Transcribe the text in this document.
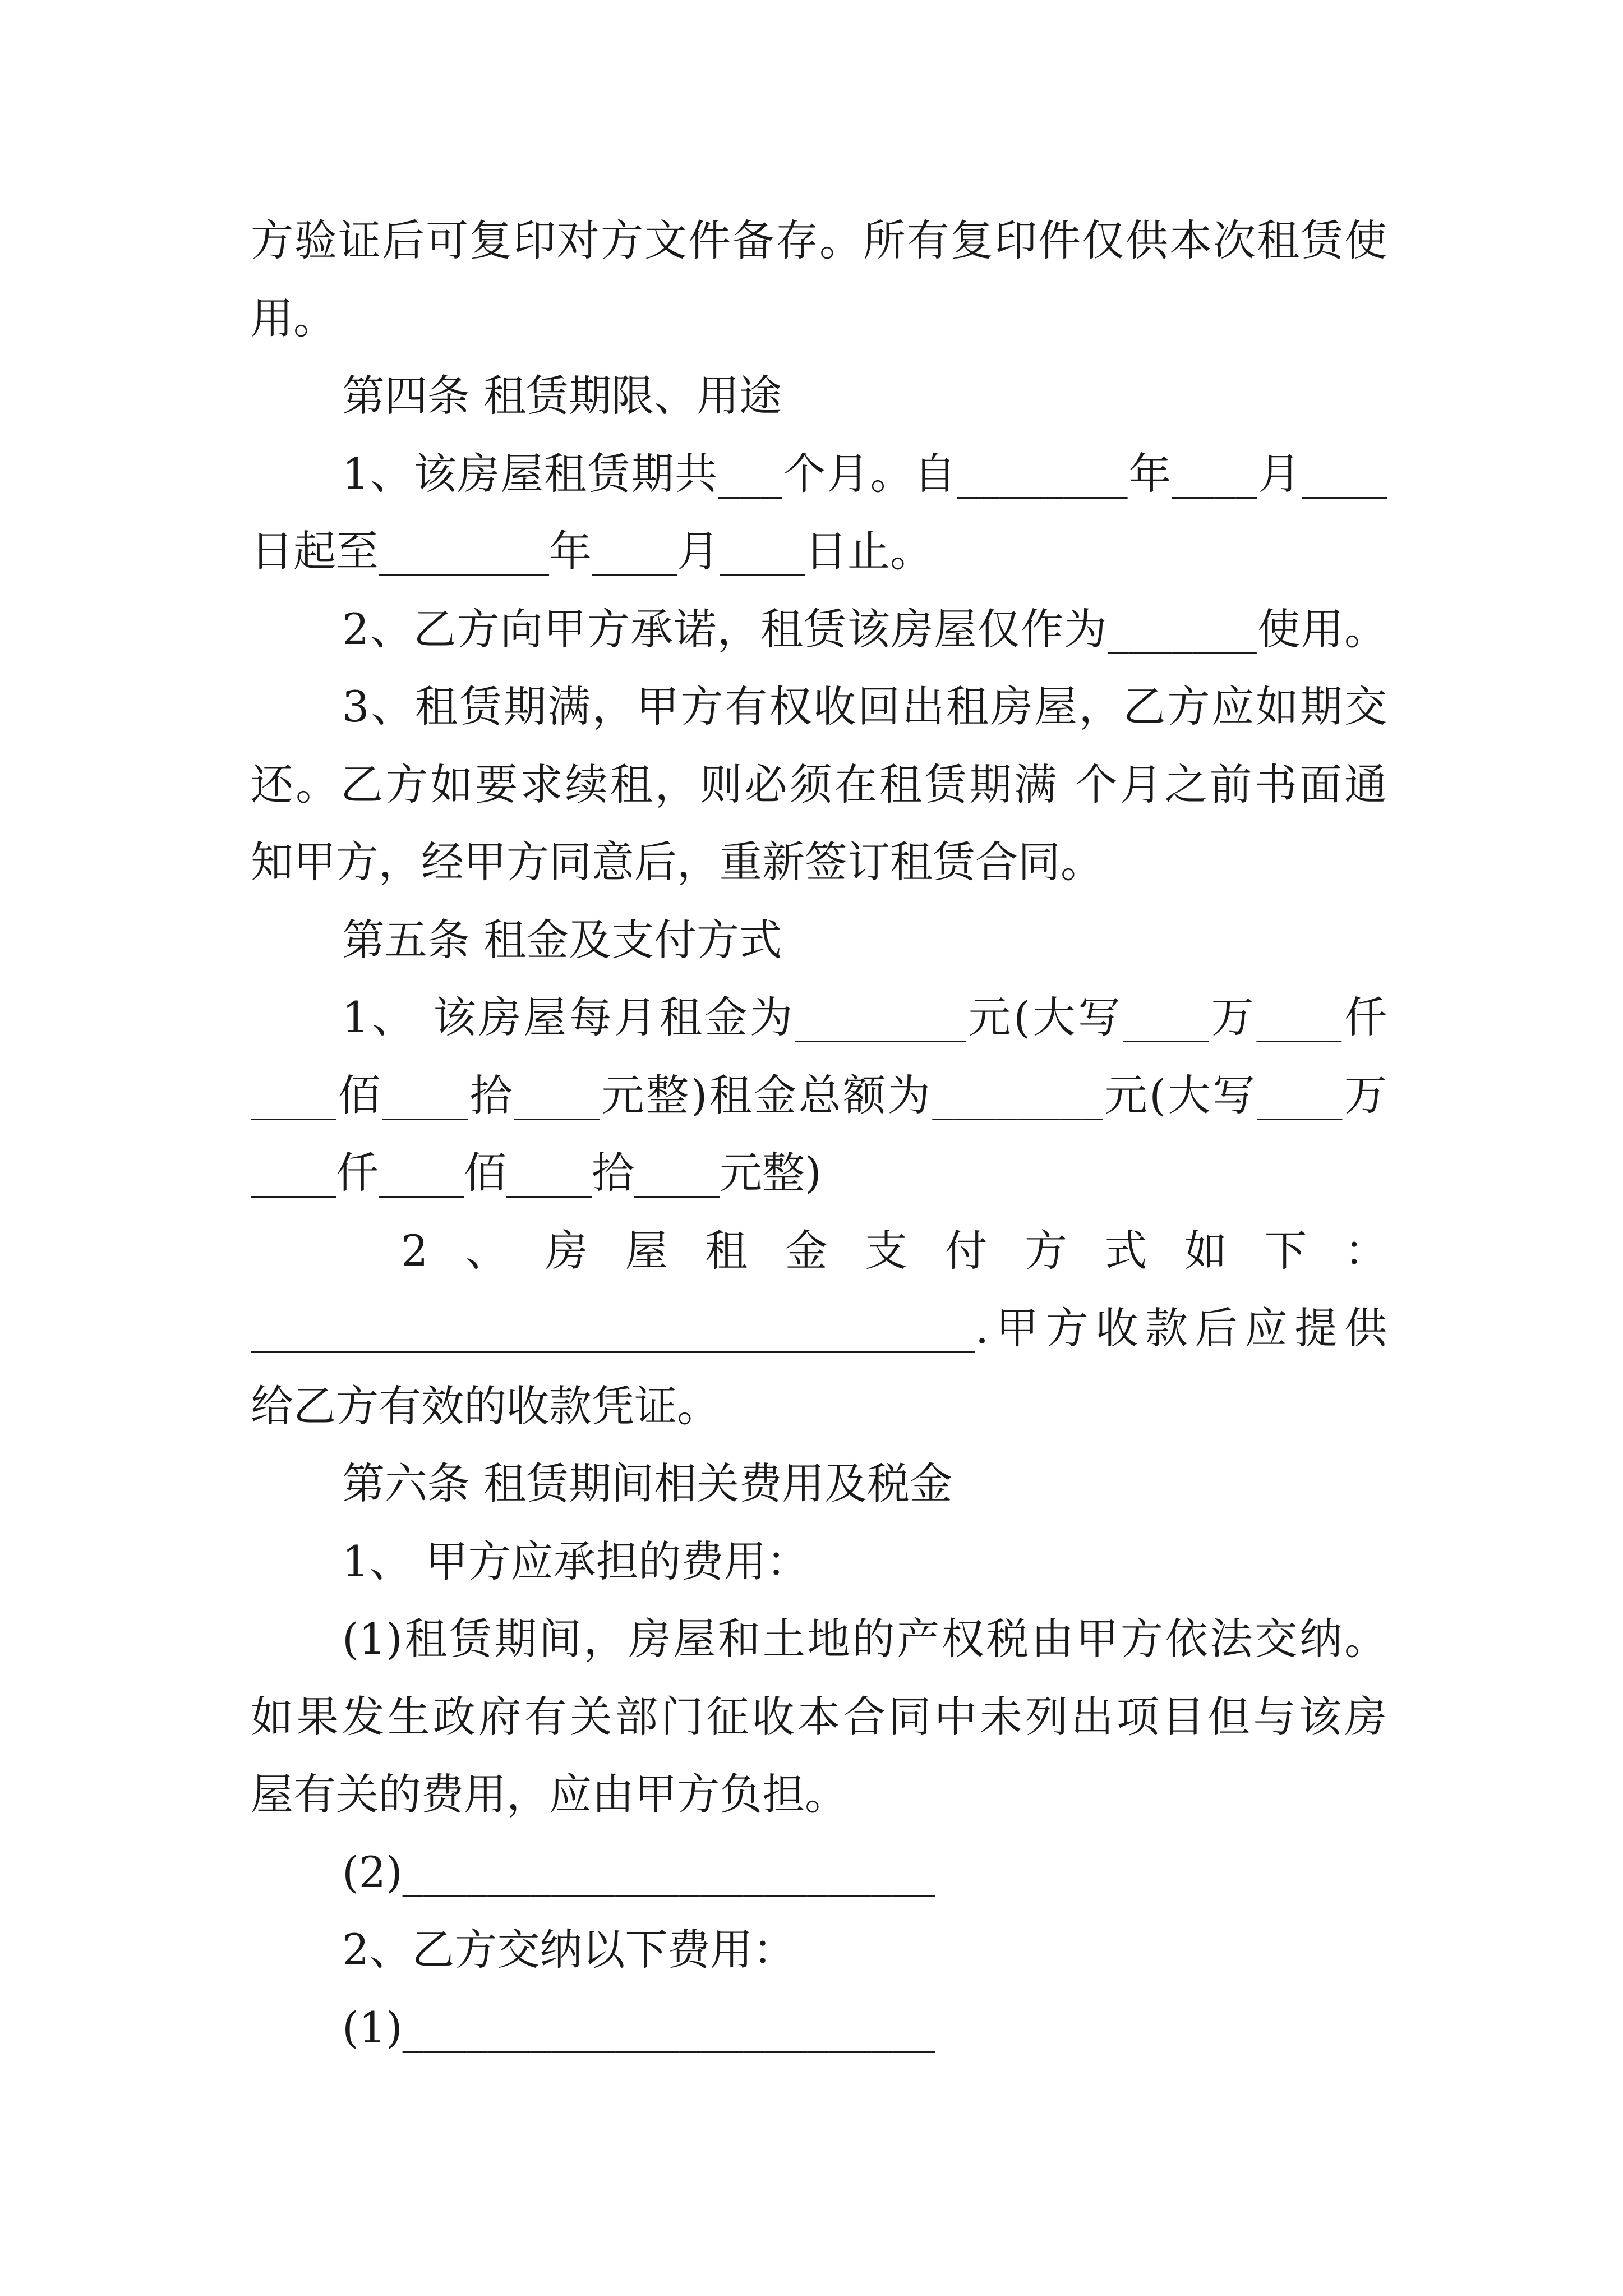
方验证后可复印对方文件备存。所有复印件仅供本次租赁使
用。
第四条 租赁期限、用途
1、该房屋租赁期共___个月。自________年____月____
日起至________年____月____日止。
2、乙方向甲方承诺，租赁该房屋仅作为_______使用。
3、租赁期满，甲方有权收回出租房屋，乙方应如期交
还。乙方如要求续租，则必须在租赁期满 个月之前书面通
知甲方，经甲方同意后，重新签订租赁合同。
第五条 租金及支付方式
1、 该房屋每月租金为________元(大写____万____仟
____佰____拾____元整)租金总额为________元(大写____万
____仟____佰____拾____元整)
2、房屋租金支付方式如下：
__________________________________.甲方收款后应提供
给乙方有效的收款凭证。
第六条 租赁期间相关费用及税金
1、 甲方应承担的费用：
(1)租赁期间，房屋和土地的产权税由甲方依法交纳。
如果发生政府有关部门征收本合同中未列出项目但与该房
屋有关的费用，应由甲方负担。
(2)_________________________
2、乙方交纳以下费用：
(1)_________________________
